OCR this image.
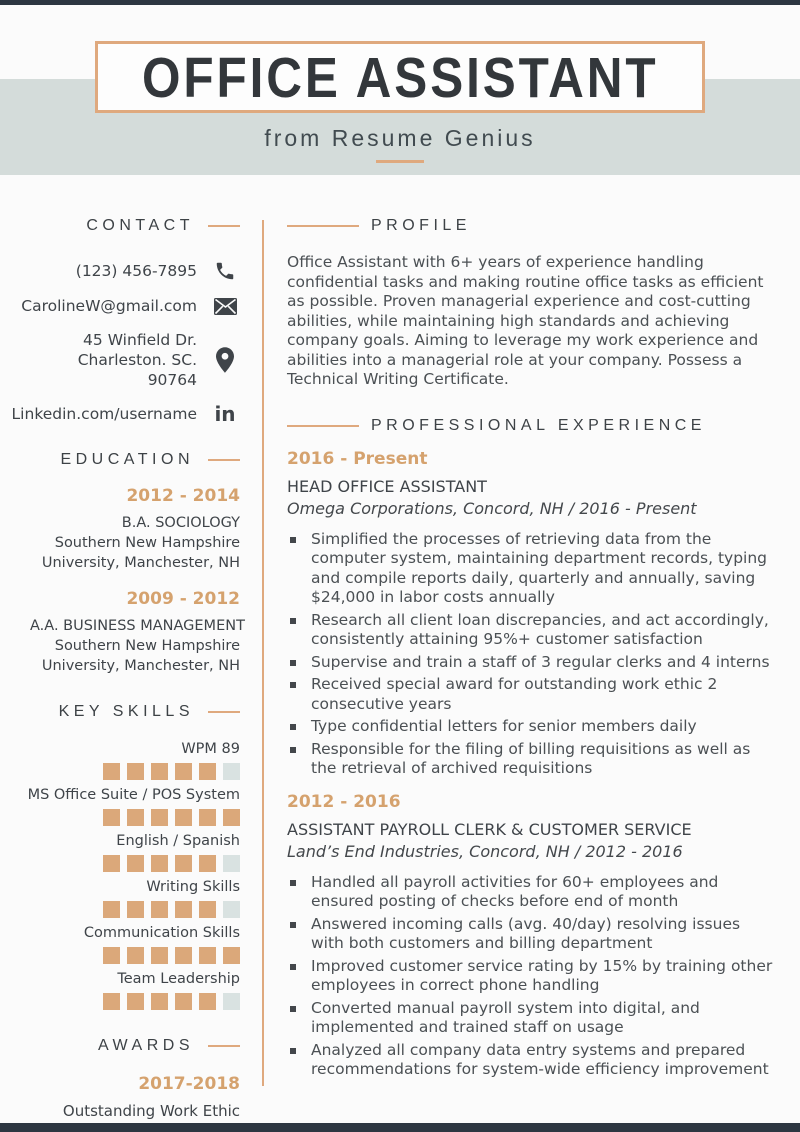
OFFICE ASSISTANT
from Resume Genius
CONTACT
(123) 456-7895
CarolineW@gmail.com
45 Winfield Dr.
Charleston. SC. 90764
Linkedin.com/username in
EDUCATION
2012 - 2014
B.A. SOCIOLOGY
Southern New Hampshire University, Manchester, NH
2009 - 2012
A.A. BUSINESS MANAGEMENT
Southern New Hampshire University, Manchester, NH
KEY SKILLS
WPM 89
MS Office Suite / POS System
English / Spanish
Writing Skills
Communication Skills
Team Leadership
AWARDS
2017-2018
Outstanding Work Ethic
PROFILE

Office Assistant with 6+ years of experience handling confidential tasks and making routine office tasks as efficient as possible. Proven managerial experience and cost-cutting abilities, while maintaining high standards and achieving company goals. Aiming to leverage my work experience and abilities into a managerial role at your company. Possess a Technical Writing Certificate.

PROFESSIONAL EXPERIENCE
2016 - Present
HEAD OFFICE ASSISTANT
Omega Corporations, Concord, NH / 2016 - Present
Simplified the processes of retrieving data from the computer system, maintaining department records, typing and compile reports daily, quarterly and annually, saving $24,000 in labor costs annually
Research all client loan discrepancies, and act accordingly, consistently attaining 95%+ customer satisfaction
Supervise and train a staff of 3 regular clerks and 4 interns
Received special award for outstanding work ethic 2 consecutive years
Type confidential letters for senior members daily
Responsible for the filing of billing requisitions as well as the retrieval of archived requisitions
2012 - 2016
ASSISTANT PAYROLL CLERK & CUSTOMER SERVICE
Land’s End Industries, Concord, NH / 2012 - 2016
Handled all payroll activities for 60+ employees and ensured posting of checks before end of month
Answered incoming calls (avg. 40/day) resolving issues with both customers and billing department
Improved customer service rating by 15% by training other employees in correct phone handling
Converted manual payroll system into digital, and implemented and trained staff on usage
Analyzed all company data entry systems and prepared recommendations for system-wide efficiency improvement
